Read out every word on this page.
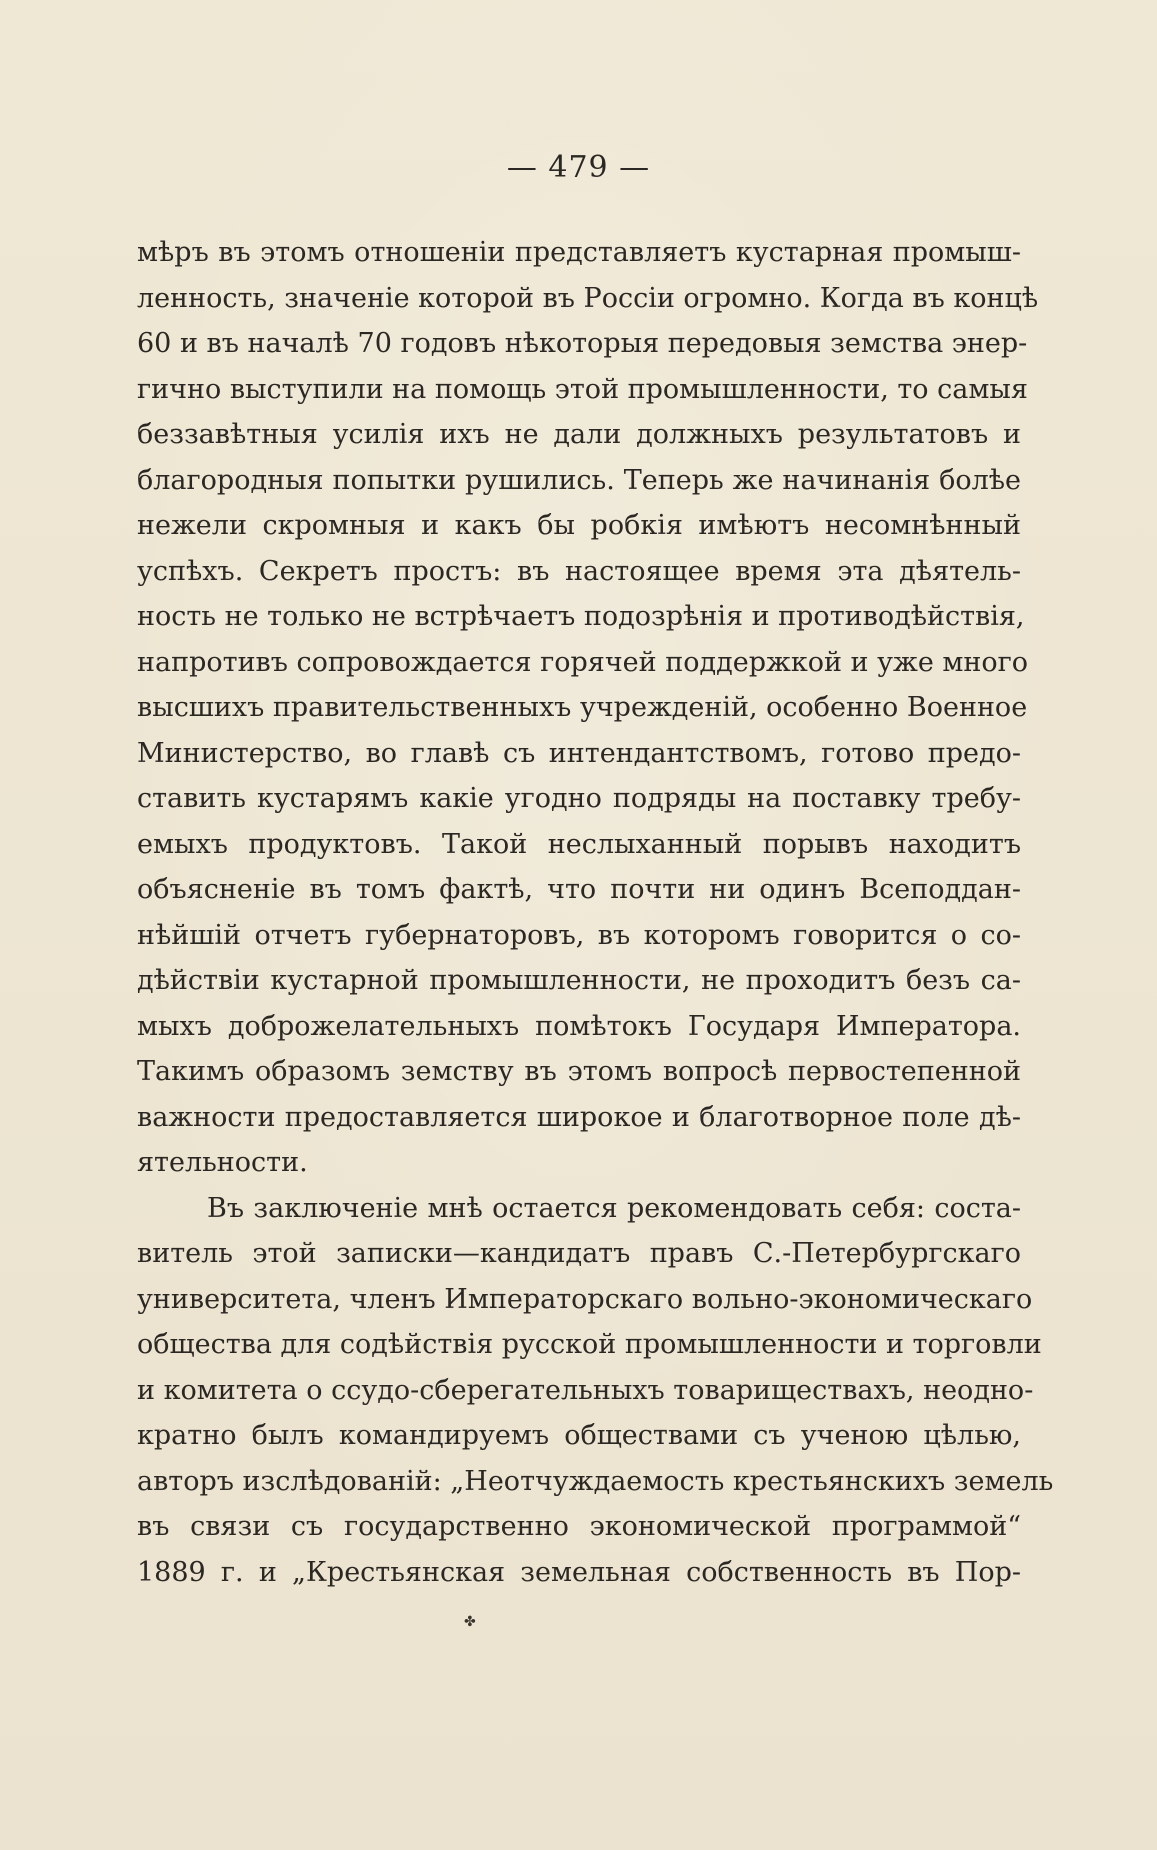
— 479 —
мѣръ въ этомъ отношеніи представляетъ кустарная промыш-
ленность, значеніе которой въ Россіи огромно. Когда въ концѣ
60 и въ началѣ 70 годовъ нѣкоторыя передовыя земства энер-
гично выступили на помощь этой промышленности, то самыя
беззавѣтныя усилія ихъ не дали должныхъ результатовъ и
благородныя попытки рушились. Теперь же начинанія болѣе
нежели скромныя и какъ бы робкія имѣютъ несомнѣнный
успѣхъ. Секретъ простъ: въ настоящее время эта дѣятель-
ность не только не встрѣчаетъ подозрѣнія и противодѣйствія,
напротивъ сопровождается горячей поддержкой и уже много
высшихъ правительственныхъ учрежденій, особенно Военное
Министерство, во главѣ съ интендантствомъ, готово предо-
ставить кустарямъ какіе угодно подряды на поставку требу-
емыхъ продуктовъ. Такой неслыханный порывъ находитъ
объясненіе въ томъ фактѣ, что почти ни одинъ Всеподдан-
нѣйшій отчетъ губернаторовъ, въ которомъ говорится о со-
дѣйствіи кустарной промышленности, не проходитъ безъ са-
мыхъ доброжелательныхъ помѣтокъ Государя Императора.
Такимъ образомъ земству въ этомъ вопросѣ первостепенной
важности предоставляется широкое и благотворное поле дѣ-
ятельности.
Въ заключеніе мнѣ остается рекомендовать себя: соста-
витель этой записки—кандидатъ правъ С.-Петербургскаго
университета, членъ Императорскаго вольно-экономическаго
общества для содѣйствія русской промышленности и торговли
и комитета о ссудо-сберегательныхъ товариществахъ, неодно-
кратно былъ командируемъ обществами съ ученою цѣлью,
авторъ изслѣдованій: „Неотчуждаемость крестьянскихъ земель
въ связи съ государственно экономической программой“
1889 г. и „Крестьянская земельная собственность въ Пор-
✤
